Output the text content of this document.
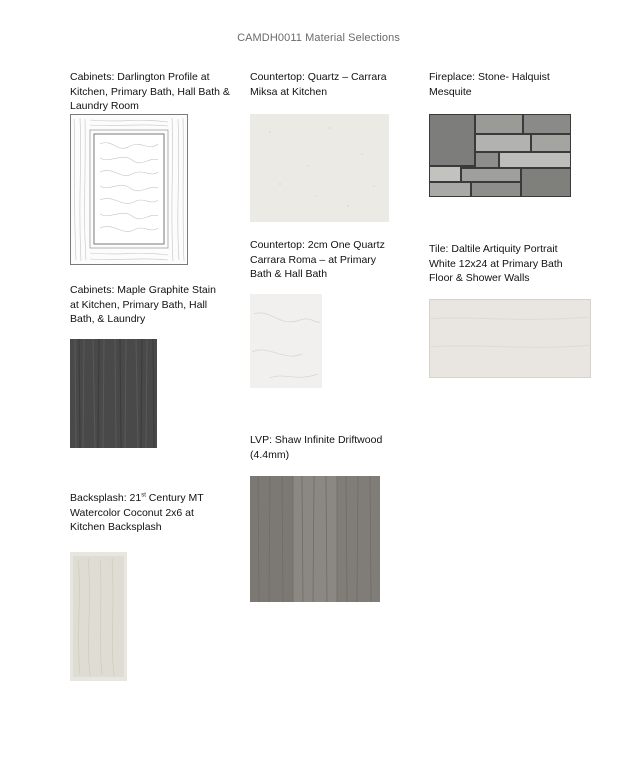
CAMDH0011 Material Selections
Cabinets: Darlington Profile at Kitchen, Primary Bath, Hall Bath & Laundry Room
Cabinets: Maple Graphite Stain at Kitchen, Primary Bath, Hall Bath, & Laundry
Backsplash: 21st Century MT Watercolor Coconut 2x6 at Kitchen Backsplash
Countertop: Quartz – Carrara Miksa at Kitchen
Countertop: 2cm One Quartz Carrara Roma – at Primary Bath & Hall Bath
LVP: Shaw Infinite Driftwood (4.4mm)
Fireplace: Stone- Halquist Mesquite
Tile: Daltile Artiquity Portrait White 12x24 at Primary Bath Floor & Shower Walls
